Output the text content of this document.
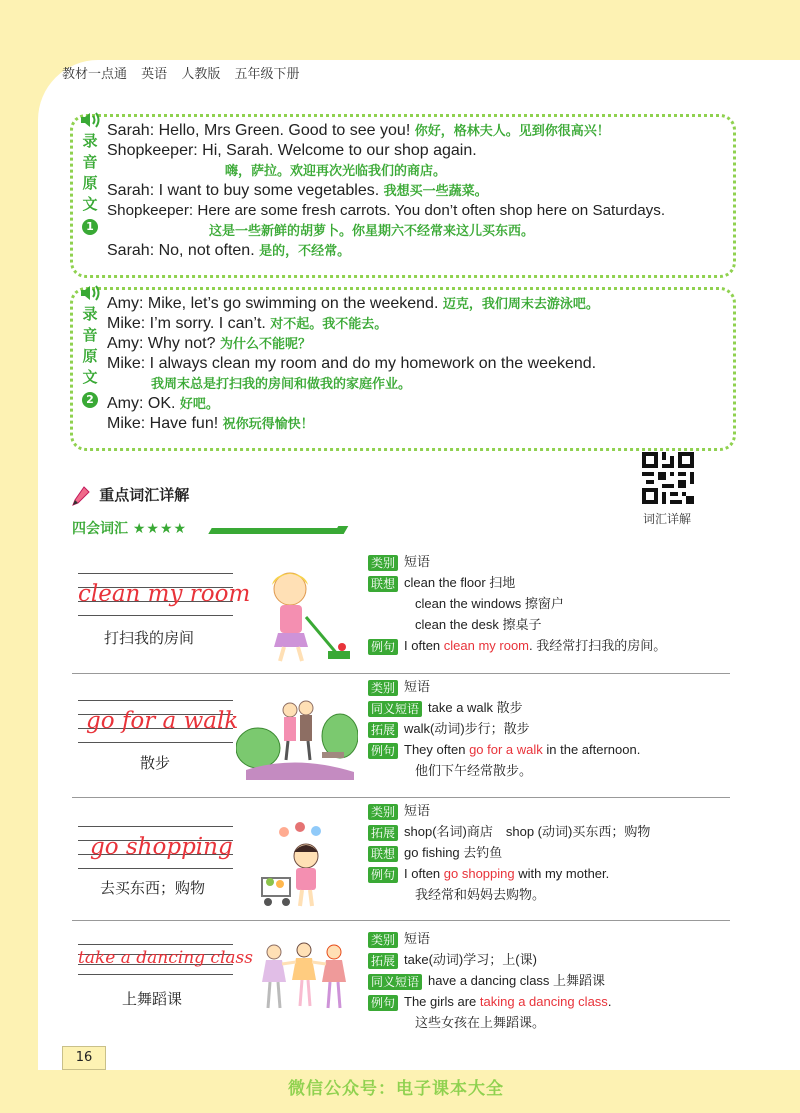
教材一点通 英语 人教版 五年级下册
录
音
原
文
1
Sarah: Hello, Mrs Green. Good to see you! 你好，格林夫人。见到你很高兴！
Shopkeeper: Hi, Sarah. Welcome to our shop again.
嗨，萨拉。欢迎再次光临我们的商店。
Sarah: I want to buy some vegetables. 我想买一些蔬菜。
Shopkeeper: Here are some fresh carrots. You don’t often shop here on Saturdays.
这是一些新鲜的胡萝卜。你星期六不经常来这儿买东西。
Sarah: No, not often. 是的，不经常。
录
音
原
文
2
Amy: Mike, let’s go swimming on the weekend. 迈克，我们周末去游泳吧。
Mike: I’m sorry. I can’t. 对不起。我不能去。
Amy: Why not? 为什么不能呢？
Mike: I always clean my room and do my homework on the weekend.
我周末总是打扫我的房间和做我的家庭作业。
Amy: OK. 好吧。
Mike: Have fun! 祝你玩得愉快！
重点词汇详解
词汇详解
四会词汇 ★★★★
clean my room
打扫我的房间
类别 短语
联想 clean the floor 扫地
clean the windows 擦窗户
clean the desk 擦桌子
例句 I often clean my room. 我经常打扫我的房间。
go for a walk
散步
类别 短语
同义短语 take a walk 散步
拓展 walk(动词)步行；散步
例句 They often go for a walk in the afternoon.
他们下午经常散步。
go shopping
去买东西；购物
类别 短语
拓展 shop(名词)商店　shop (动词)买东西；购物
联想 go fishing 去钓鱼
例句 I often go shopping with my mother.
我经常和妈妈去购物。
take a dancing class
上舞蹈课
类别 短语
拓展 take(动词)学习；上(课)
同义短语 have a dancing class 上舞蹈课
例句 The girls are taking a dancing class.
这些女孩在上舞蹈课。
16
微信公众号：电子课本大全
